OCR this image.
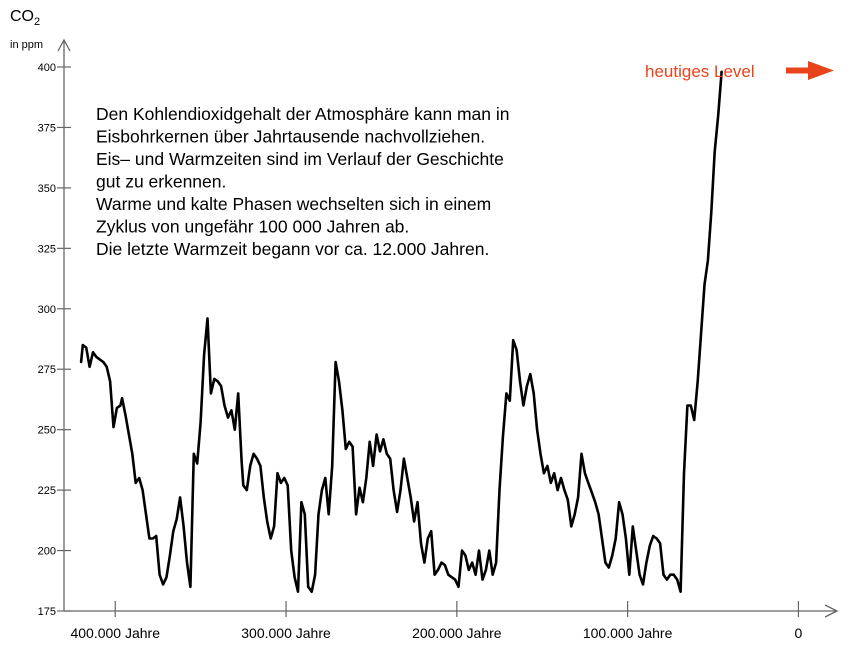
$CO_2$
in ppm
175
200
225
250
275
300
325
350
375
400
400.000 Jahre	300.000 Jahre	200.000 Jahre	100.000 Jahre	0
Den Kohlendioxidgehalt der Atmosphäre kann man in Eisbohrkernen über Jahrtausende nachvollziehen. Eis– und Warmzeiten sind im Verlauf der Geschichte gut zu erkennen. Warme und kalte Phasen wechselten sich in einem Zyklus von ungefähr 100 000 Jahren ab. Die letzte Warmzeit begann vor ca. 12.000 Jahren.
heutiges Level
